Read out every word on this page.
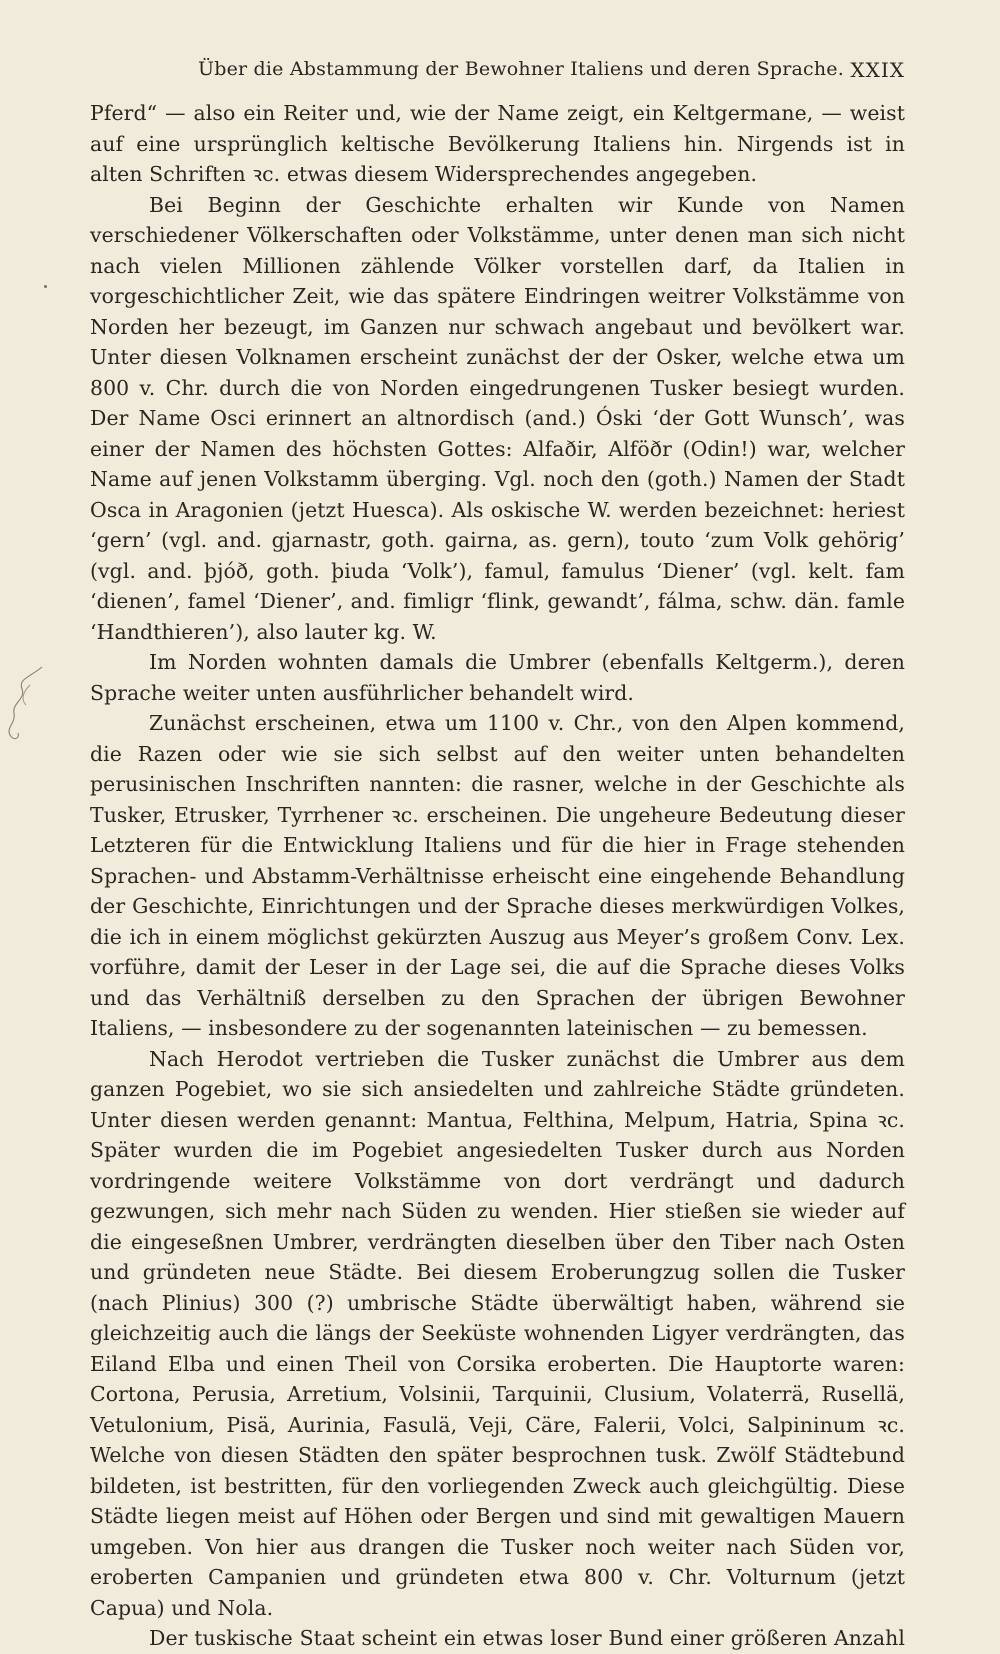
Über die Abstammung der Bewohner Italiens und deren Sprache. XXIX

Pferd“ — also ein Reiter und, wie der Name zeigt, ein Keltgermane, — weist auf eine ursprünglich keltische Bevölkerung Italiens hin. Nirgends ist in alten Schriften ꝛc. etwas diesem Widersprechendes angegeben.

Bei Beginn der Geschichte erhalten wir Kunde von Namen verschiedener Völkerschaften oder Volkstämme, unter denen man sich nicht nach vielen Millionen zählende Völker vorstellen darf, da Italien in vorgeschichtlicher Zeit, wie das spätere Eindringen weitrer Volkstämme von Norden her bezeugt, im Ganzen nur schwach angebaut und bevölkert war. Unter diesen Volknamen erscheint zunächst der der Osker, welche etwa um 800 v. Chr. durch die von Norden eingedrungenen Tusker besiegt wurden. Der Name Osci erinnert an altnordisch (and.) Óski ‘der Gott Wunsch’, was einer der Namen des höchsten Gottes: Alfaðir, Alföðr (Odin!) war, welcher Name auf jenen Volkstamm überging. Vgl. noch den (goth.) Namen der Stadt Osca in Aragonien (jetzt Huesca). Als oskische W. werden bezeichnet: heriest ‘gern’ (vgl. and. gjarnastr, goth. gairna, as. gern), touto ‘zum Volk gehörig’ (vgl. and. þjóð, goth. þiuda ‘Volk’), famul, famulus ‘Diener’ (vgl. kelt. fam ‘dienen’, famel ‘Diener’, and. fimligr ‘flink, gewandt’, fálma, schw. dän. famle ‘Handthieren’), also lauter kg. W.

Im Norden wohnten damals die Umbrer (ebenfalls Keltgerm.), deren Sprache weiter unten ausführlicher behandelt wird.

Zunächst erscheinen, etwa um 1100 v. Chr., von den Alpen kommend, die Razen oder wie sie sich selbst auf den weiter unten behandelten perusinischen Inschriften nannten: die rasner, welche in der Geschichte als Tusker, Etrusker, Tyrrhener ꝛc. erscheinen. Die ungeheure Bedeutung dieser Letzteren für die Entwicklung Italiens und für die hier in Frage stehenden Sprachen- und Abstamm-Verhältnisse erheischt eine eingehende Behandlung der Geschichte, Einrichtungen und der Sprache dieses merkwürdigen Volkes, die ich in einem möglichst gekürzten Auszug aus Meyer’s großem Conv. Lex. vorführe, damit der Leser in der Lage sei, die auf die Sprache dieses Volks und das Verhältniß derselben zu den Sprachen der übrigen Bewohner Italiens, — insbesondere zu der sogenannten lateinischen — zu bemessen.

Nach Herodot vertrieben die Tusker zunächst die Umbrer aus dem ganzen Pogebiet, wo sie sich ansiedelten und zahlreiche Städte gründeten. Unter diesen werden genannt: Mantua, Felthina, Melpum, Hatria, Spina ꝛc. Später wurden die im Pogebiet angesiedelten Tusker durch aus Norden vordringende weitere Volkstämme von dort verdrängt und dadurch gezwungen, sich mehr nach Süden zu wenden. Hier stießen sie wieder auf die eingeseßnen Umbrer, verdrängten dieselben über den Tiber nach Osten und gründeten neue Städte. Bei diesem Eroberungzug sollen die Tusker (nach Plinius) 300 (?) umbrische Städte überwältigt haben, während sie gleichzeitig auch die längs der Seeküste wohnenden Ligyer verdrängten, das Eiland Elba und einen Theil von Corsika eroberten. Die Hauptorte waren: Cortona, Perusia, Arretium, Volsinii, Tarquinii, Clusium, Volaterrä, Rusellä, Vetulonium, Pisä, Aurinia, Fasulä, Veji, Cäre, Falerii, Volci, Salpininum ꝛc. Welche von diesen Städten den später besprochnen tusk. Zwölf Städtebund bildeten, ist bestritten, für den vorliegenden Zweck auch gleichgültig. Diese Städte liegen meist auf Höhen oder Bergen und sind mit gewaltigen Mauern umgeben. Von hier aus drangen die Tusker noch weiter nach Süden vor, eroberten Campanien und gründeten etwa 800 v. Chr. Volturnum (jetzt Capua) und Nola.

Der tuskische Staat scheint ein etwas loser Bund einer größeren Anzahl
